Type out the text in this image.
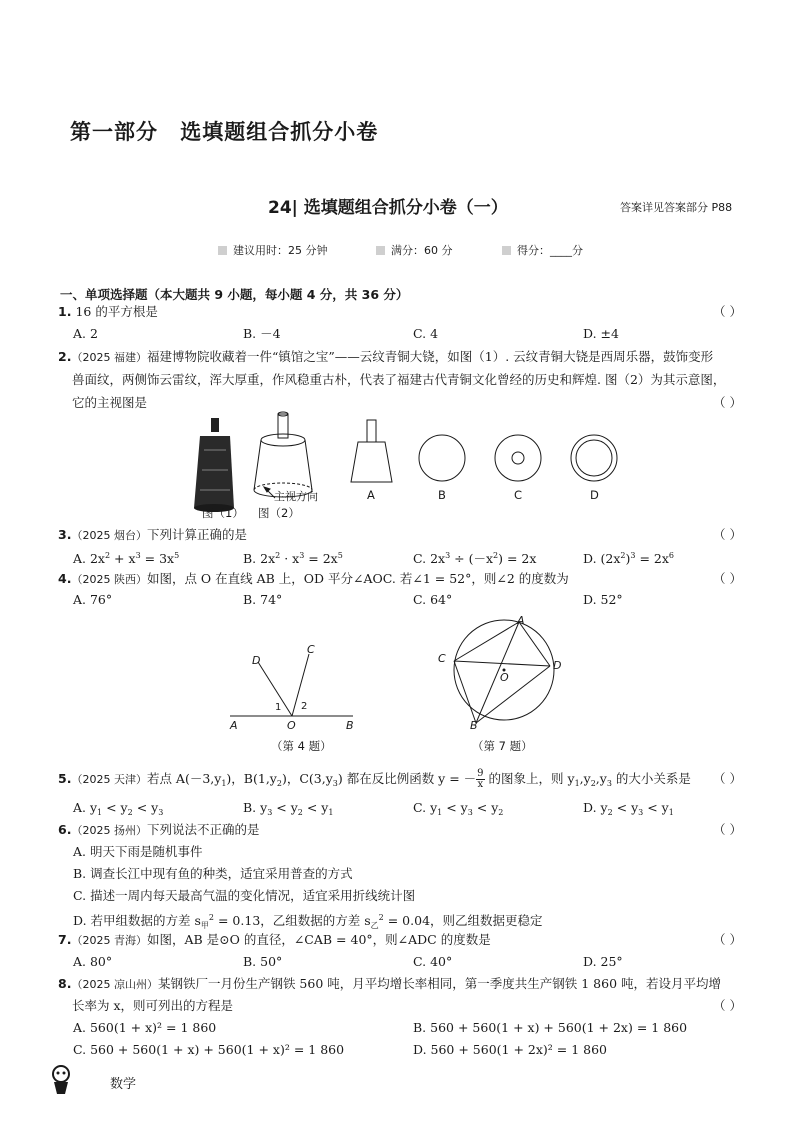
第一部分 选填题组合抓分小卷
24| 选填题组合抓分小卷（一）	答案详见答案部分 P88
建议用时：25 分钟	满分：60 分	得分：____分
一、单项选择题（本大题共 9 小题，每小题 4 分，共 36 分）
1. 16 的平方根是	（ ）
A. 2	B. －4	C. 4	D. ±4
2.（2025 福建）福建博物院收藏着一件“镇馆之宝”——云纹青铜大铙，如图（1）. 云纹青铜大铙是西周乐器，鼓饰变形
兽面纹，两侧饰云雷纹，浑大厚重，作风稳重古朴，代表了福建古代青铜文化曾经的历史和辉煌. 图（2）为其示意图，
它的主视图是	（ ）
主视方向
图（1） 图（2）
A	B	C	D
3.（2025 烟台）下列计算正确的是	（ ）
A. $2x^2 + x^3 = 3x^5$	B. $2x^2 \cdot x^3 = 2x^5$	C. $2x^3 \div (-x^2) = 2x$	D. $(2x^2)^3 = 2x^6$
4.（2025 陕西）如图，点 O 在直线 AB 上，OD 平分∠AOC. 若∠1 = 52°，则∠2 的度数为	（ ）
A. 76°	B. 74°	C. 64°	D. 52°
D
C
A	O	B
1 2
（第 4 题）
A
C
D
O
B
（第 7 题）
5.（2025 天津）若点 $A(-3,y_1)$，$B(1,y_2)$，$C(3,y_3)$ 都在反比例函数 y = － $\frac{9}{x}$ 的图象上，则 $y_1,y_2,y_3$ 的大小关系是 （ ）
A. $y_1 < y_2 < y_3$	B. $y_3 < y_2 < y_1$	C. $y_1 < y_3 < y_2$	D. $y_2 < y_3 < y_1$
6.（2025 扬州）下列说法不正确的是	（ ）
A. 明天下雨是随机事件
B. 调查长江中现有鱼的种类，适宜采用普查的方式
C. 描述一周内每天最高气温的变化情况，适宜采用折线统计图
D. 若甲组数据的方差 $s_甲^2 = 0.13$，乙组数据的方差 $s_乙^2 = 0.04$，则乙组数据更稳定
7.（2025 青海）如图，AB 是⊙O 的直径，∠CAB = 40°，则∠ADC 的度数是	（ ）
A. 80°	B. 50°	C. 40°	D. 25°
8.（2025 凉山州）某钢铁厂一月份生产钢铁 560 吨，月平均增长率相同，第一季度共生产钢铁 1 860 吨，若设月平均增
长率为 x，则可列出的方程是	（ ）
A. 560(1 + x)² = 1 860	B. 560 + 560(1 + x) + 560(1 + 2x) = 1 860
C. 560 + 560(1 + x) + 560(1 + x)² = 1 860	D. 560 + 560(1 + 2x)² = 1 860
数学
